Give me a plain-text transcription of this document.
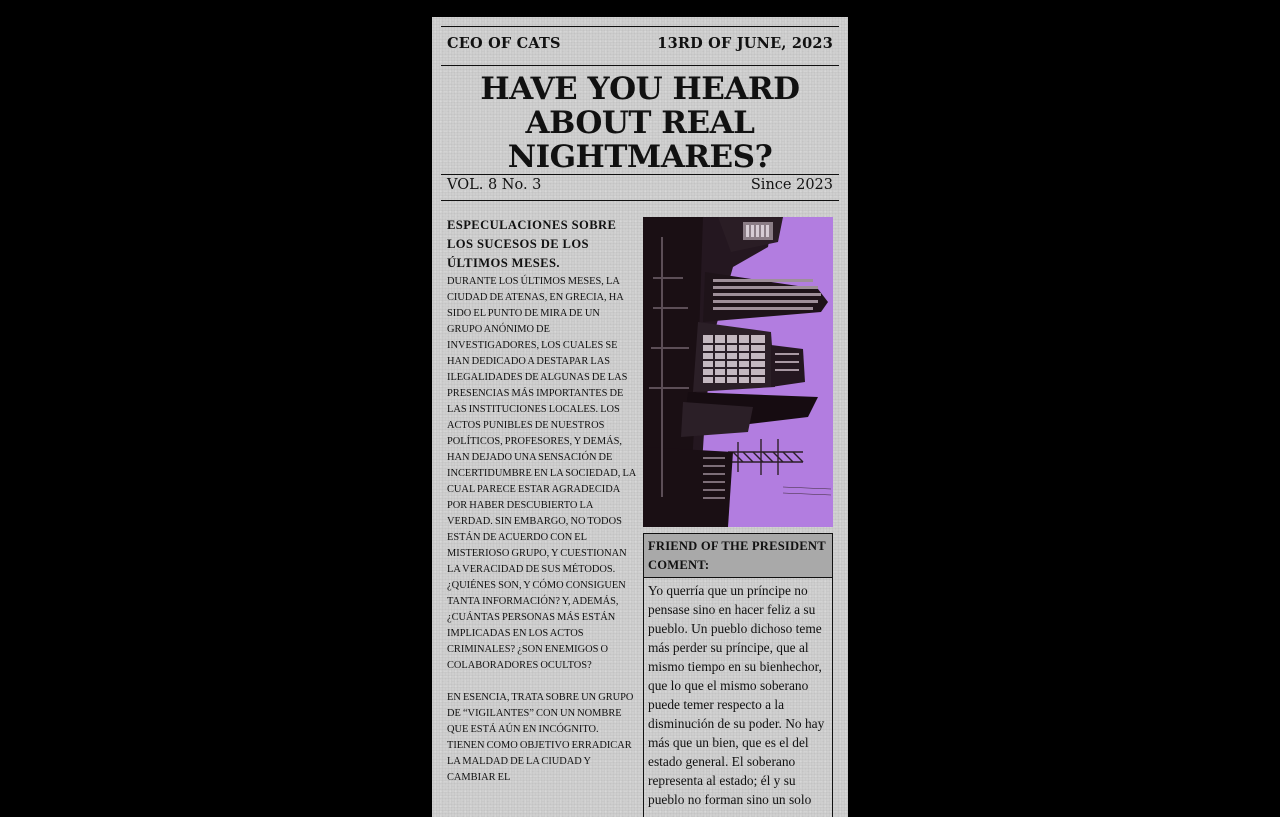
CEO OF CATS	13RD OF JUNE, 2023
HAVE YOU HEARD ABOUT REAL NIGHTMARES?
VOL. 8 No. 3	Since 2023
ESPECULACIONES SOBRE LOS SUCESOS DE LOS ÚLTIMOS MESES.

DURANTE LOS ÚLTIMOS MESES, LA CIUDAD DE ATENAS, EN GRECIA, HA SIDO EL PUNTO DE MIRA DE UN GRUPO ANÓNIMO DE INVESTIGADORES, LOS CUALES SE HAN DEDICADO A DESTAPAR LAS ILEGALIDADES DE ALGUNAS DE LAS PRESENCIAS MÁS IMPORTANTES DE LAS INSTITUCIONES LOCALES. LOS ACTOS PUNIBLES DE NUESTROS POLÍTICOS, PROFESORES, Y DEMÁS, HAN DEJADO UNA SENSACIÓN DE INCERTIDUMBRE EN LA SOCIEDAD, LA CUAL PARECE ESTAR AGRADECIDA POR HABER DESCUBIERTO LA VERDAD. SIN EMBARGO, NO TODOS ESTÁN DE ACUERDO CON EL MISTERIOSO GRUPO, Y CUESTIONAN LA VERACIDAD DE SUS MÉTODOS. ¿QUIÉNES SON, Y CÓMO CONSIGUEN TANTA INFORMACIÓN? Y, ADEMÁS, ¿CUÁNTAS PERSONAS MÁS ESTÁN IMPLICADAS EN LOS ACTOS CRIMINALES? ¿SON ENEMIGOS O COLABORADORES OCULTOS?

EN ESENCIA, TRATA SOBRE UN GRUPO DE “VIGILANTES” CON UN NOMBRE QUE ESTÁ AÚN EN INCÓGNITO. TIENEN COMO OBJETIVO ERRADICAR LA MALDAD DE LA CIUDAD Y CAMBIAR EL

FRIEND OF THE PRESIDENT COMENT:
Yo querría que un príncipe no pensase sino en hacer feliz a su pueblo. Un pueblo dichoso teme más perder su príncipe, que al mismo tiempo en su bienhechor, que lo que el mismo soberano puede temer respecto a la disminución de su poder. No hay más que un bien, que es el del estado general. El soberano representa al estado; él y su pueblo no forman sino un solo
